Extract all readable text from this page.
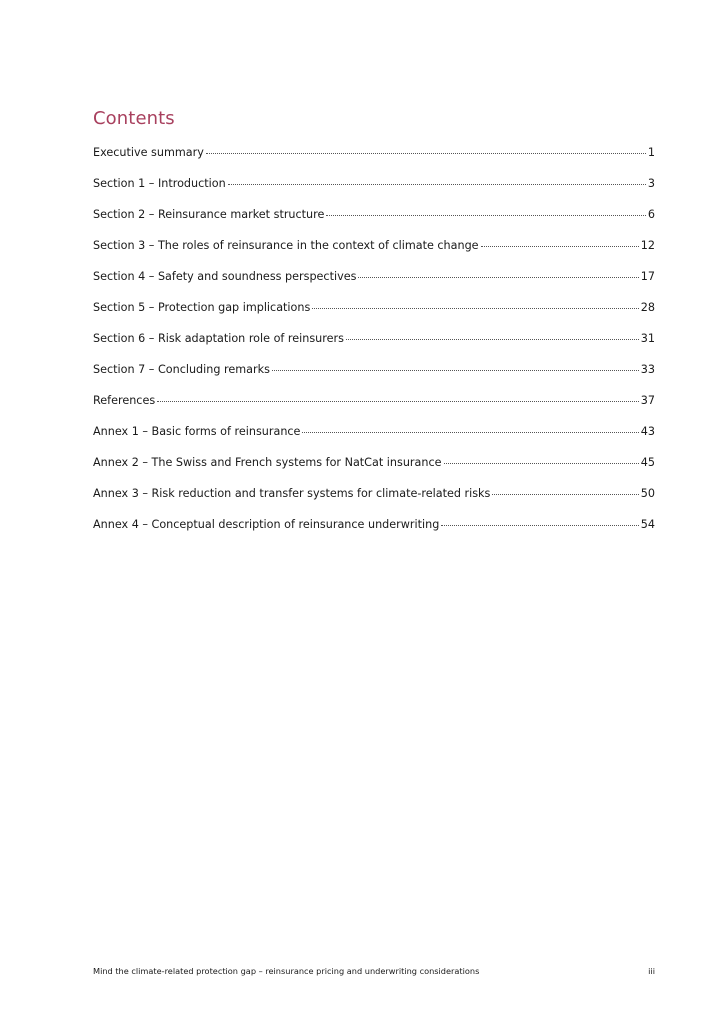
Contents
Executive summary	1
Section 1 – Introduction	3
Section 2 – Reinsurance market structure	6
Section 3 – The roles of reinsurance in the context of climate change	12
Section 4 – Safety and soundness perspectives	17
Section 5 – Protection gap implications	28
Section 6 – Risk adaptation role of reinsurers	31
Section 7 – Concluding remarks	33
References	37
Annex 1 – Basic forms of reinsurance	43
Annex 2 – The Swiss and French systems for NatCat insurance	45
Annex 3 – Risk reduction and transfer systems for climate-related risks	50
Annex 4 – Conceptual description of reinsurance underwriting	54
Mind the climate-related protection gap – reinsurance pricing and underwriting considerations	iii
